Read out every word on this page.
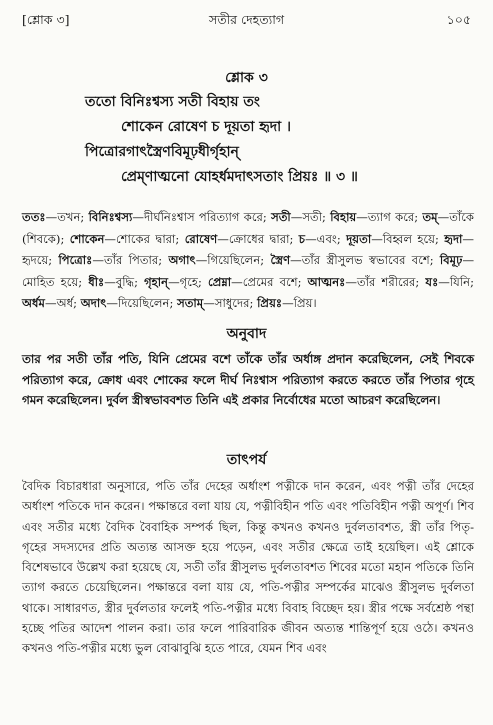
[শ্লোক ৩]	সতীর দেহত্যাগ	১০৫
শ্লোক ৩
ততো বিনিঃশ্বস্য সতী বিহায় তং
শোকেন রোষেণ চ দূয়তা হৃদা ।
পিত্রোরগাৎস্ত্রৈণবিমূঢ়ধীর্গৃহান্
প্রেম্‌ণাত্মনো যোহর্ধমদাৎসতাং প্রিয়ঃ ॥ ৩ ॥
ততঃ—তখন; বিনিঃশ্বস্য—দীর্ঘনিঃশ্বাস পরিত্যাগ করে; সতী—সতী; বিহায়—ত্যাগ করে; তম্—তাঁকে (শিবকে); শোকেন—শোকের দ্বারা; রোষেণ—ক্রোধের দ্বারা; চ—এবং; দূয়তা—বিহ্বল হয়ে; হৃদা—হৃদয়ে; পিত্রোঃ—তাঁর পিতার; অগাৎ—গিয়েছিলেন; স্ত্রৈণ—তাঁর স্ত্রীসুলভ স্বভাবের বশে; বিমূঢ়—মোহিত হয়ে; ধীঃ—বুদ্ধি; গৃহান্—গৃহে; প্রেম্না—প্রেমের বশে; আত্মনঃ—তাঁর শরীরের; যঃ—যিনি; অর্ধম—অর্ধ; অদাৎ—দিয়েছিলেন; সতাম্—সাধুদের; প্রিয়ঃ—প্রিয়।
অনুবাদ
তার পর সতী তাঁর পতি, যিনি প্রেমের বশে তাঁকে তাঁর অর্ধাঙ্গ প্রদান করেছিলেন, সেই শিবকে পরিত্যাগ করে, ক্রোধ এবং শোকের ফলে দীর্ঘ নিঃশ্বাস পরিত্যাগ করতে করতে তাঁর পিতার গৃহে গমন করেছিলেন। দুর্বল স্ত্রীস্বভাববশত তিনি এই প্রকার নির্বোধের মতো আচরণ করেছিলেন।
তাৎপর্য

বৈদিক বিচারধারা অনুসারে, পতি তাঁর দেহের অর্ধাংশ পত্নীকে দান করেন, এবং পত্নী তাঁর দেহের অর্ধাংশ পতিকে দান করেন। পক্ষান্তরে বলা যায় যে, পত্নীবিহীন পতি এবং পতিবিহীন পত্নী অপূর্ণ। শিব এবং সতীর মধ্যে বৈদিক বৈবাহিক সম্পর্ক ছিল, কিন্তু কখনও কখনও দুর্বলতাবশত, স্ত্রী তাঁর পিতৃ-গৃহের সদস্যদের প্রতি অত্যন্ত আসক্ত হয়ে পড়েন, এবং সতীর ক্ষেত্রে তাই হয়েছিল। এই শ্লোকে বিশেষভাবে উল্লেখ করা হয়েছে যে, সতী তাঁর স্ত্রীসুলভ দুর্বলতাবশত শিবের মতো মহান পতিকে তিনি ত্যাগ করতে চেয়েছিলেন। পক্ষান্তরে বলা যায় যে, পতি-পত্নীর সম্পর্কের মাঝেও স্ত্রীসুলভ দুর্বলতা থাকে। সাধারণত, স্ত্রীর দুর্বলতার ফলেই পতি-পত্নীর মধ্যে বিবাহ বিচ্ছেদ হয়। স্ত্রীর পক্ষে সর্বশ্রেষ্ঠ পন্থা হচ্ছে পতির আদেশ পালন করা। তার ফলে পারিবারিক জীবন অত্যন্ত শান্তিপূর্ণ হয়ে ওঠে। কখনও কখনও পতি-পত্নীর মধ্যে ভুল বোঝাবুঝি হতে পারে, যেমন শিব এবং
